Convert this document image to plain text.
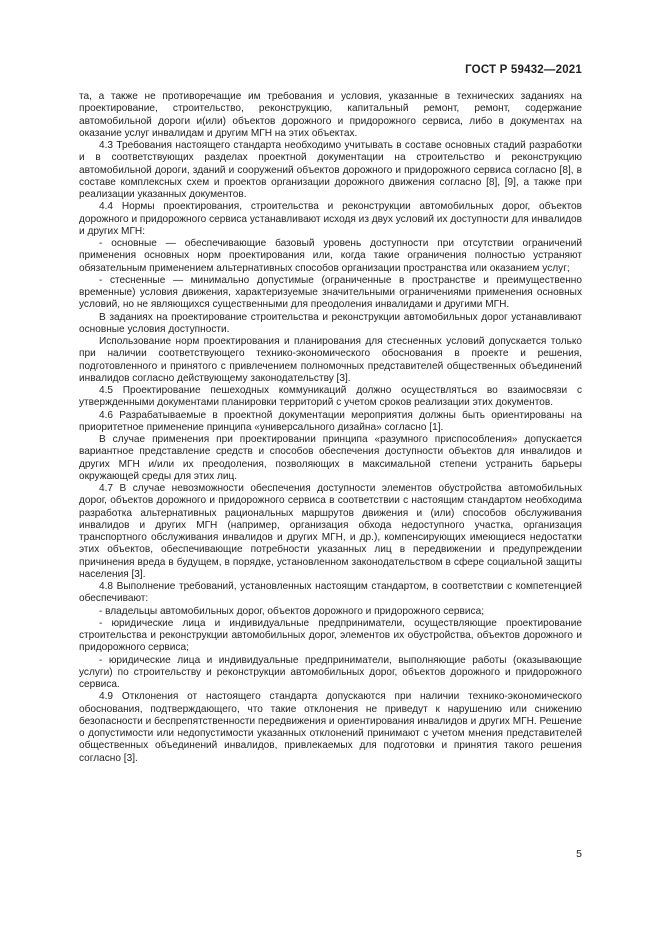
ГОСТ Р 59432—2021

та, а также не противоречащие им требования и условия, указанные в технических заданиях на проектирование, строительство, реконструкцию, капитальный ремонт, ремонт, содержание автомобильной дороги и(или) объектов дорожного и придорожного сервиса, либо в документах на оказание услуг инвалидам и другим МГН на этих объектах.

4.3 Требования настоящего стандарта необходимо учитывать в составе основных стадий разработки и в соответствующих разделах проектной документации на строительство и реконструкцию автомобильной дороги, зданий и сооружений объектов дорожного и придорожного сервиса согласно [8], в составе комплексных схем и проектов организации дорожного движения согласно [8], [9], а также при реализации указанных документов.

4.4 Нормы проектирования, строительства и реконструкции автомобильных дорог, объектов дорожного и придорожного сервиса устанавливают исходя из двух условий их доступности для инвалидов и других МГН:

- основные — обеспечивающие базовый уровень доступности при отсутствии ограничений применения основных норм проектирования или, когда такие ограничения полностью устраняют обязательным применением альтернативных способов организации пространства или оказанием услуг;

- стесненные — минимально допустимые (ограниченные в пространстве и преимущественно временные) условия движения, характеризуемые значительными ограничениями применения основных условий, но не являющихся существенными для преодоления инвалидами и другими МГН.

В заданиях на проектирование строительства и реконструкции автомобильных дорог устанавливают основные условия доступности.

Использование норм проектирования и планирования для стесненных условий допускается только при наличии соответствующего технико-экономического обоснования в проекте и решения, подготовленного и принятого с привлечением полномочных представителей общественных объединений инвалидов согласно действующему законодательству [3].

4.5 Проектирование пешеходных коммуникаций должно осуществляться во взаимосвязи с утвержденными документами планировки территорий с учетом сроков реализации этих документов.

4.6 Разрабатываемые в проектной документации мероприятия должны быть ориентированы на приоритетное применение принципа «универсального дизайна» согласно [1].

В случае применения при проектировании принципа «разумного приспособления» допускается вариантное представление средств и способов обеспечения доступности объектов для инвалидов и других МГН и/или их преодоления, позволяющих в максимальной степени устранить барьеры окружающей среды для этих лиц.

4.7 В случае невозможности обеспечения доступности элементов обустройства автомобильных дорог, объектов дорожного и придорожного сервиса в соответствии с настоящим стандартом необходима разработка альтернативных рациональных маршрутов движения и (или) способов обслуживания инвалидов и других МГН (например, организация обхода недоступного участка, организация транспортного обслуживания инвалидов и других МГН, и др.), компенсирующих имеющиеся недостатки этих объектов, обеспечивающие потребности указанных лиц в передвижении и предупреждении причинения вреда в будущем, в порядке, установленном законодательством в сфере социальной защиты населения [3].

4.8 Выполнение требований, установленных настоящим стандартом, в соответствии с компетенцией обеспечивают:

- владельцы автомобильных дорог, объектов дорожного и придорожного сервиса;

- юридические лица и индивидуальные предприниматели, осуществляющие проектирование строительства и реконструкции автомобильных дорог, элементов их обустройства, объектов дорожного и придорожного сервиса;

- юридические лица и индивидуальные предприниматели, выполняющие работы (оказывающие услуги) по строительству и реконструкции автомобильных дорог, объектов дорожного и придорожного сервиса.

4.9 Отклонения от настоящего стандарта допускаются при наличии технико-экономического обоснования, подтверждающего, что такие отклонения не приведут к нарушению или снижению безопасности и беспрепятственности передвижения и ориентирования инвалидов и других МГН. Решение о допустимости или недопустимости указанных отклонений принимают с учетом мнения представителей общественных объединений инвалидов, привлекаемых для подготовки и принятия такого решения согласно [3].

5
